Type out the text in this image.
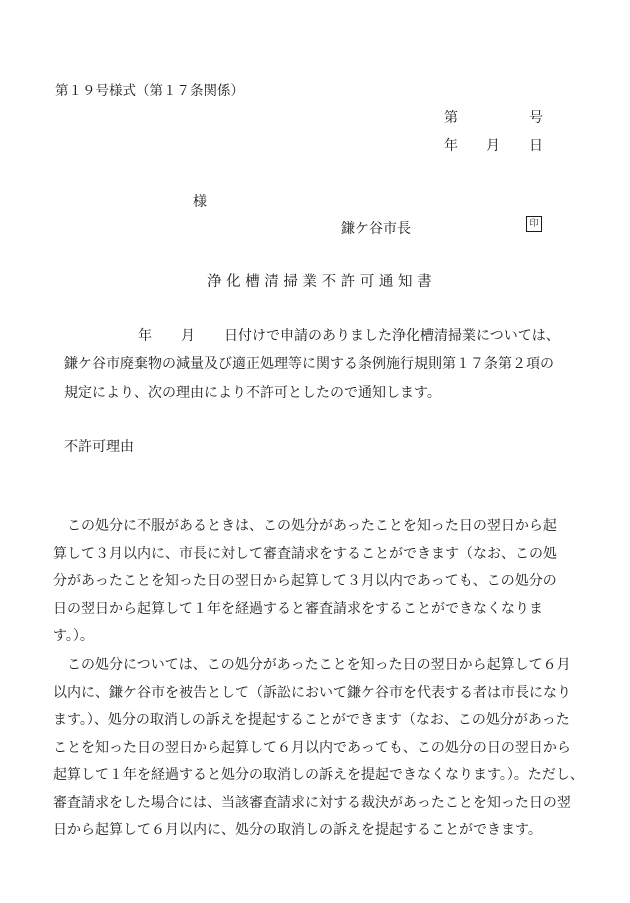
第１９号様式（第１７条関係）
第	号
年 月 日
様
鎌ケ谷市長	印
浄化槽清掃業不許可通知書
年 月 日付けで申請のありました浄化槽清掃業については、
鎌ケ谷市廃棄物の減量及び適正処理等に関する条例施行規則第１７条第２項の
規定により、次の理由により不許可としたので通知します。
不許可理由
この処分に不服があるときは、この処分があったことを知った日の翌日から起
算して３月以内に、市長に対して審査請求をすることができます（なお、この処
分があったことを知った日の翌日から起算して３月以内であっても、この処分の
日の翌日から起算して１年を経過すると審査請求をすることができなくなりま
す。）。
この処分については、この処分があったことを知った日の翌日から起算して６月
以内に、鎌ケ谷市を被告として（訴訟において鎌ケ谷市を代表する者は市長になり
ます。）、処分の取消しの訴えを提起することができます（なお、この処分があった
ことを知った日の翌日から起算して６月以内であっても、この処分の日の翌日から
起算して１年を経過すると処分の取消しの訴えを提起できなくなります。）。ただし、
審査請求をした場合には、当該審査請求に対する裁決があったことを知った日の翌
日から起算して６月以内に、処分の取消しの訴えを提起することができます。
